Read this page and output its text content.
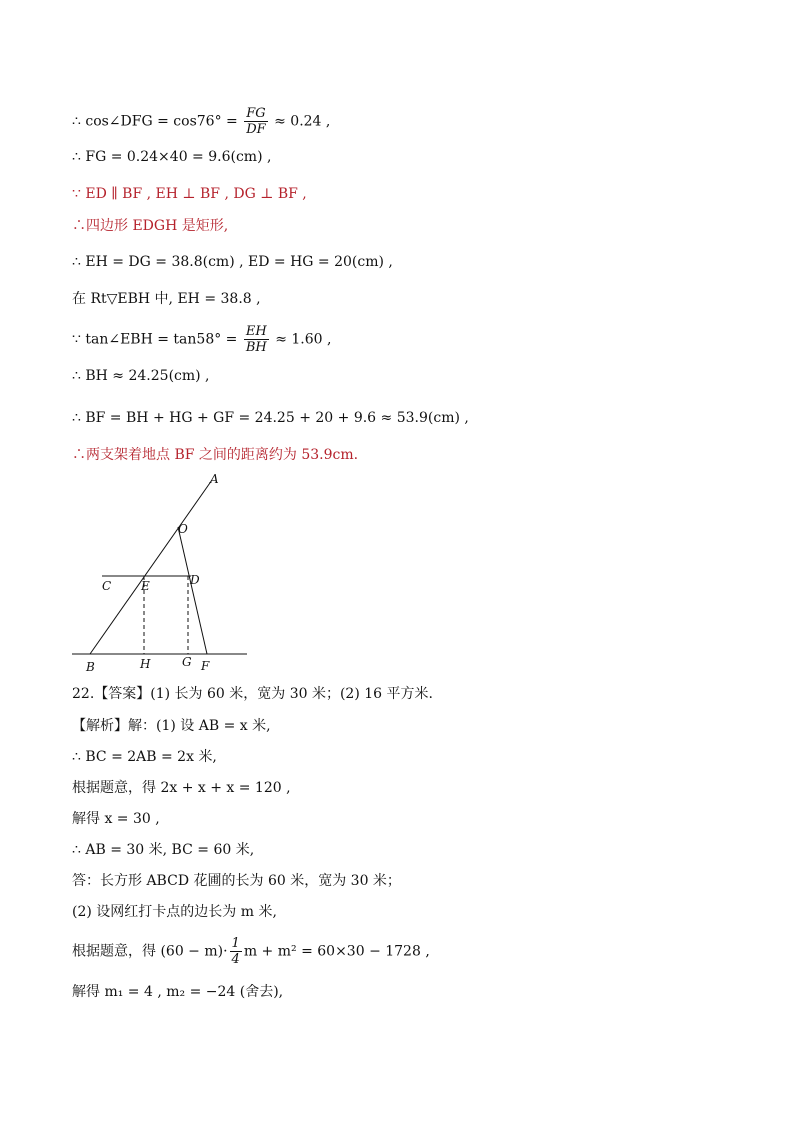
∴ cos∠DFG = $\cos 76^\circ = \frac{FG}{DF} \approx 0.24$ ,
∴ FG = 0.24×40 = 9.6(cm) ,
∵ ED ∥ BF , EH ⊥ BF , DG ⊥ BF ,
∴四边形 EDGH 是矩形,
∴ EH = DG = 38.8(cm) , ED = HG = 20(cm) ,
在 Rt▽EBH 中, EH = 38.8 ,
∵ tan∠EBH = $\tan 58^\circ = \frac{EH}{BH} \approx 1.60$ ,
∴ BH ≈ 24.25(cm) ,
∴ BF = BH + HG + GF = 24.25 + 20 + 9.6 ≈ 53.9(cm) ,
∴两支架着地点 BF 之间的距离约为 53.9cm.
A
O
C E	D
B	H	G F
22.【答案】(1) 长为 60 米，宽为 30 米；(2) 16 平方米.
【解析】解：(1) 设 AB = x 米,
∴ BC = 2AB = 2x 米,
根据题意，得 2x + x + x = 120 ,
解得 x = 30 ,
∴ AB = 30 米, BC = 60 米,
答：长方形 ABCD 花圃的长为 60 米，宽为 30 米；
(2) 设网红打卡点的边长为 m 米,
根据题意，得 $(60 - m)\cdot \frac{1}{4}$ m + m² = 60×30 − 1728 ,
解得 m₁ = 4 , m₂ = −24 (舍去),
